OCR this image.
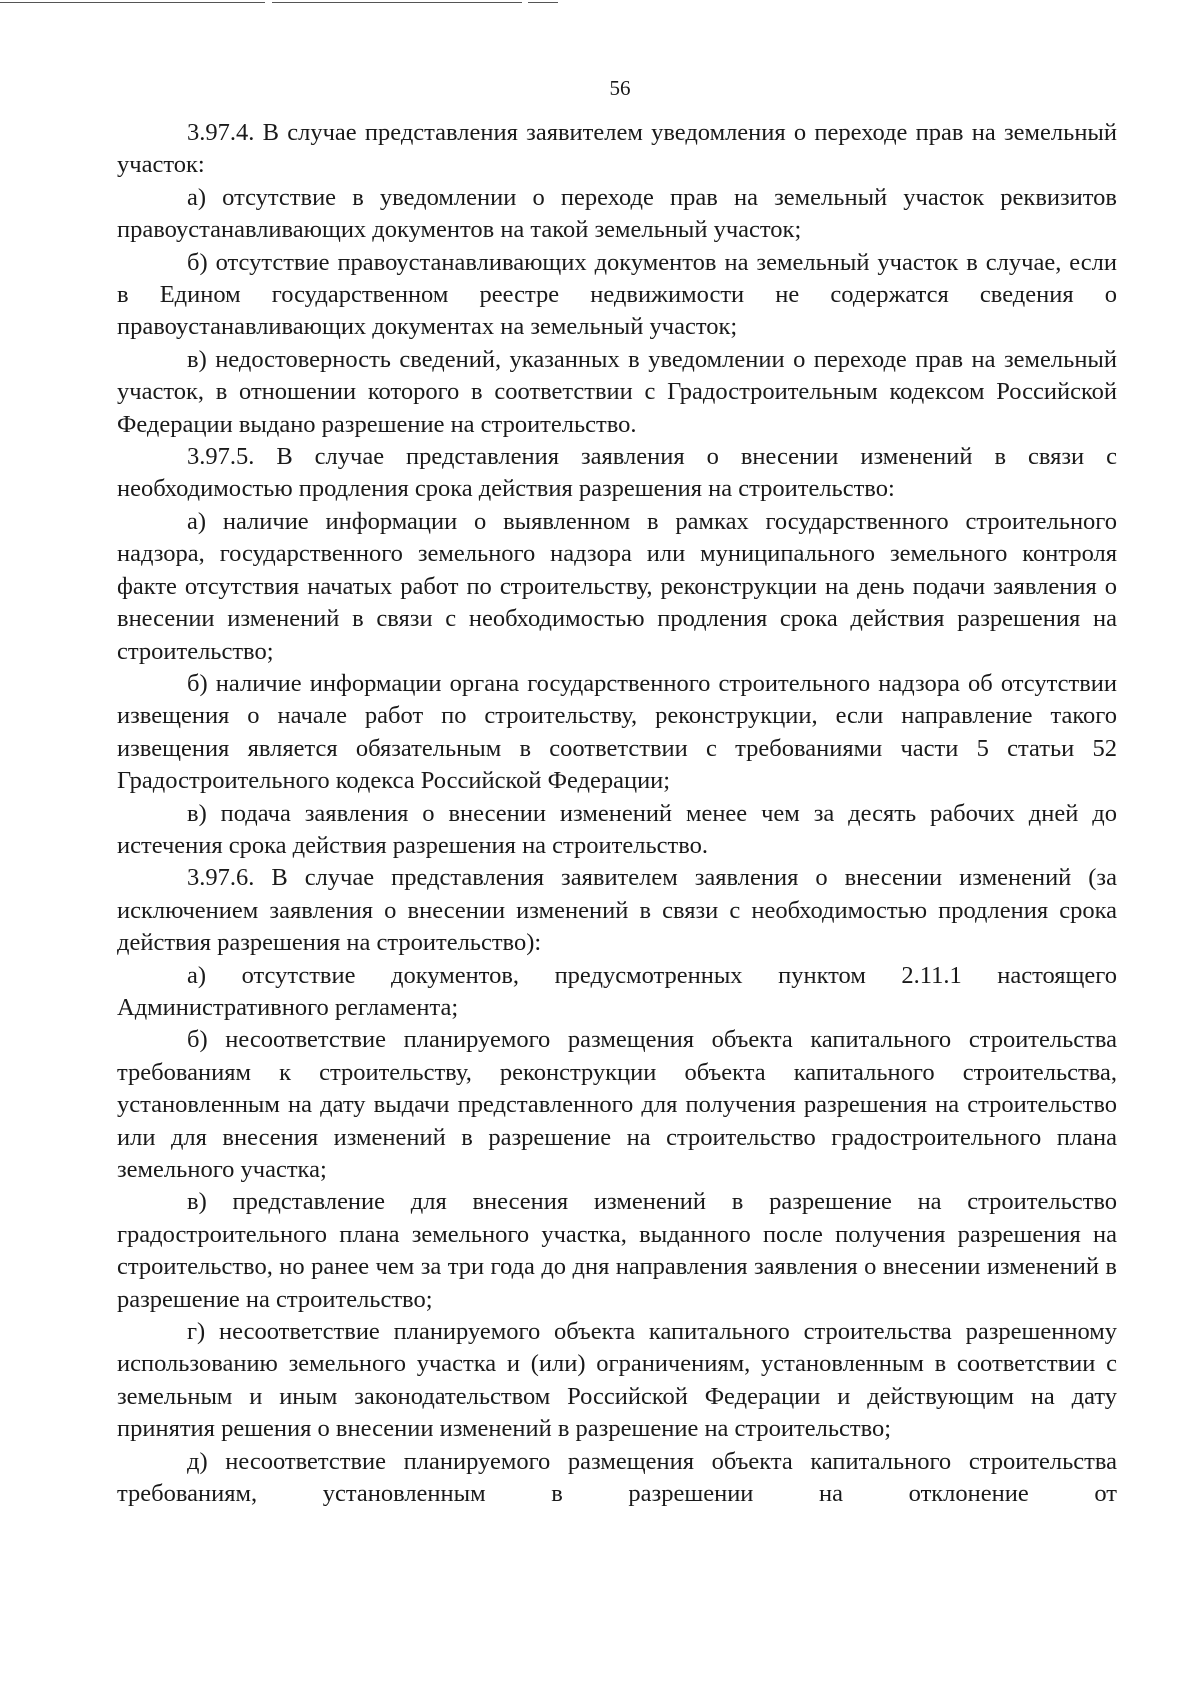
56

3.97.4. В случае представления заявителем уведомления о переходе прав на земельный участок:

а) отсутствие в уведомлении о переходе прав на земельный участок реквизитов правоустанавливающих документов на такой земельный участок;

б) отсутствие правоустанавливающих документов на земельный участок в случае, если в Едином государственном реестре недвижимости не содержатся сведения о правоустанавливающих документах на земельный участок;

в) недостоверность сведений, указанных в уведомлении о переходе прав на земельный участок, в отношении которого в соответствии с Градостроительным кодексом Российской Федерации выдано разрешение на строительство.

3.97.5. В случае представления заявления о внесении изменений в связи с необходимостью продления срока действия разрешения на строительство:

а) наличие информации о выявленном в рамках государственного строительного надзора, государственного земельного надзора или муниципального земельного контроля факте отсутствия начатых работ по строительству, реконструкции на день подачи заявления о внесении изменений в связи с необходимостью продления срока действия разрешения на строительство;

б) наличие информации органа государственного строительного надзора об отсутствии извещения о начале работ по строительству, реконструкции, если направление такого извещения является обязательным в соответствии с требованиями части 5 статьи 52 Градостроительного кодекса Российской Федерации;

в) подача заявления о внесении изменений менее чем за десять рабочих дней до истечения срока действия разрешения на строительство.

3.97.6. В случае представления заявителем заявления о внесении изменений (за исключением заявления о внесении изменений в связи с необходимостью продления срока действия разрешения на строительство):

а) отсутствие документов, предусмотренных пунктом 2.11.1 настоящего Административного регламента;

б) несоответствие планируемого размещения объекта капитального строительства требованиям к строительству, реконструкции объекта капитального строительства, установленным на дату выдачи представленного для получения разрешения на строительство или для внесения изменений в разрешение на строительство градостроительного плана земельного участка;

в) представление для внесения изменений в разрешение на строительство градостроительного плана земельного участка, выданного после получения разрешения на строительство, но ранее чем за три года до дня направления заявления о внесении изменений в разрешение на строительство;

г) несоответствие планируемого объекта капитального строительства разрешенному использованию земельного участка и (или) ограничениям, установленным в соответствии с земельным и иным законодательством Российской Федерации и действующим на дату принятия решения о внесении изменений в разрешение на строительство;

д) несоответствие планируемого размещения объекта капитального строительства требованиям, установленным в разрешении на отклонение от
